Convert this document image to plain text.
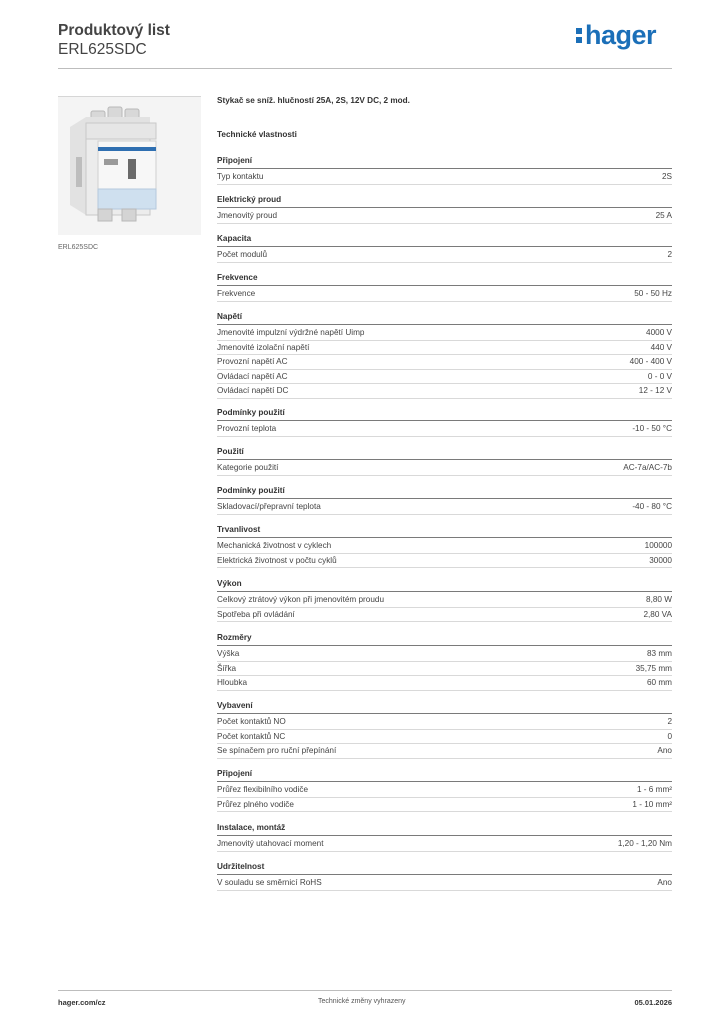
Produktový list
ERL625SDC	hager
ERL625SDC
Stykač se sníž. hlučností 25A, 2S, 12V DC, 2 mod.
Technické vlastnosti
Připojení
Typ kontaktu	2S
Elektrický proud
Jmenovitý proud	25 A
Kapacita
Počet modulů	2
Frekvence
Frekvence	50 - 50 Hz
Napětí
Jmenovité impulzní výdržné napětí Uimp	4000 V
Jmenovité izolační napětí	440 V
Provozní napětí AC	400 - 400 V
Ovládací napětí AC	0 - 0 V
Ovládací napětí DC	12 - 12 V
Podmínky použití
Provozní teplota	-10 - 50 °C
Použití
Kategorie použití	AC-7a/AC-7b
Podmínky použití
Skladovací/přepravní teplota	-40 - 80 °C
Trvanlivost
Mechanická životnost v cyklech	100000
Elektrická životnost v počtu cyklů	30000
Výkon
Celkový ztrátový výkon při jmenovitém proudu	8,80 W
Spotřeba při ovládání	2,80 VA
Rozměry
Výška	83 mm
Šířka	35,75 mm
Hloubka	60 mm
Vybavení
Počet kontaktů NO	2
Počet kontaktů NC	0
Se spínačem pro ruční přepínání	Ano
Připojení
Průřez flexibilního vodiče	1 - 6 mm²
Průřez plného vodiče	1 - 10 mm²
Instalace, montáž
Jmenovitý utahovací moment	1,20 - 1,20 Nm
Udržitelnost
V souladu se směrnicí RoHS	Ano
hager.com/cz	Technické změny vyhrazeny	05.01.2026
